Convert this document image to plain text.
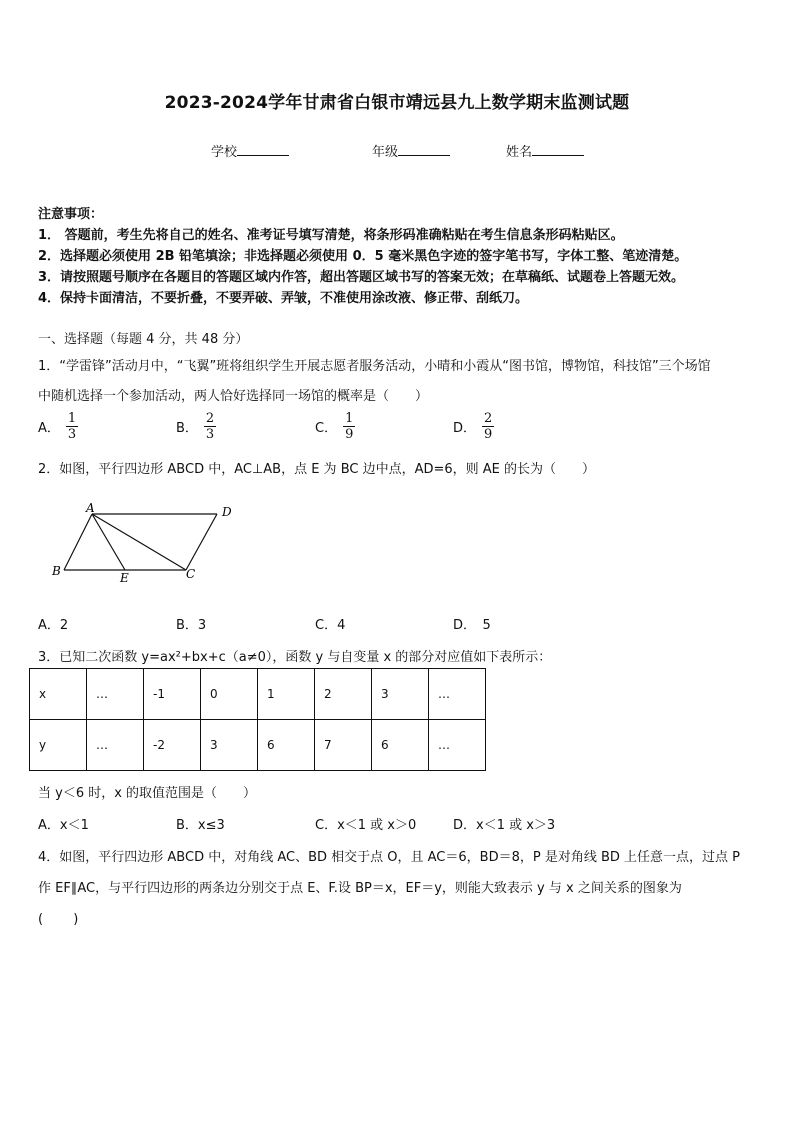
2023-2024学年甘肃省白银市靖远县九上数学期末监测试题
学校	年级	姓名
注意事项：
1． 答题前，考生先将自己的姓名、准考证号填写清楚，将条形码准确粘贴在考生信息条形码粘贴区。
2．选择题必须使用 2B 铅笔填涂；非选择题必须使用 0．5 毫米黑色字迹的签字笔书写，字体工整、笔迹清楚。
3．请按照题号顺序在各题目的答题区域内作答，超出答题区域书写的答案无效；在草稿纸、试题卷上答题无效。
4．保持卡面清洁，不要折叠，不要弄破、弄皱，不准使用涂改液、修正带、刮纸刀。
一、选择题（每题 4 分，共 48 分）
1．“学雷锋”活动月中，“飞翼”班将组织学生开展志愿者服务活动，小晴和小霞从“图书馆，博物馆，科技馆”三个场馆
中随机选择一个参加活动，两人恰好选择同一场馆的概率是（　　）
A． $\frac{1}{3}$	B． $\frac{2}{3}$	C． $\frac{1}{9}$	D． $\frac{2}{9}$
2．如图，平行四边形 ABCD 中，AC⊥AB，点 E 为 BC 边中点，AD=6，则 AE 的长为（　　）
A	D
B	E	C
A．2	B．3	C．4	D．　5
3．已知二次函数 y=ax²+bx+c（a≠0），函数 y 与自变量 x 的部分对应值如下表所示：
x	…	-1	0	1	2	3	…
y	…	-2	3	6	7	6	…
当 y＜6 时，x 的取值范围是（　　）
A．x＜1	B．x≤3	C．x＜1 或 x＞0	D．x＜1 或 x＞3
4．如图，平行四边形 ABCD 中，对角线 AC、BD 相交于点 O，且 AC＝6，BD＝8，P 是对角线 BD 上任意一点，过点 P
作 EF∥AC，与平行四边形的两条边分别交于点 E、F.设 BP＝x，EF＝y，则能大致表示 y 与 x 之间关系的图象为
(　　 )
